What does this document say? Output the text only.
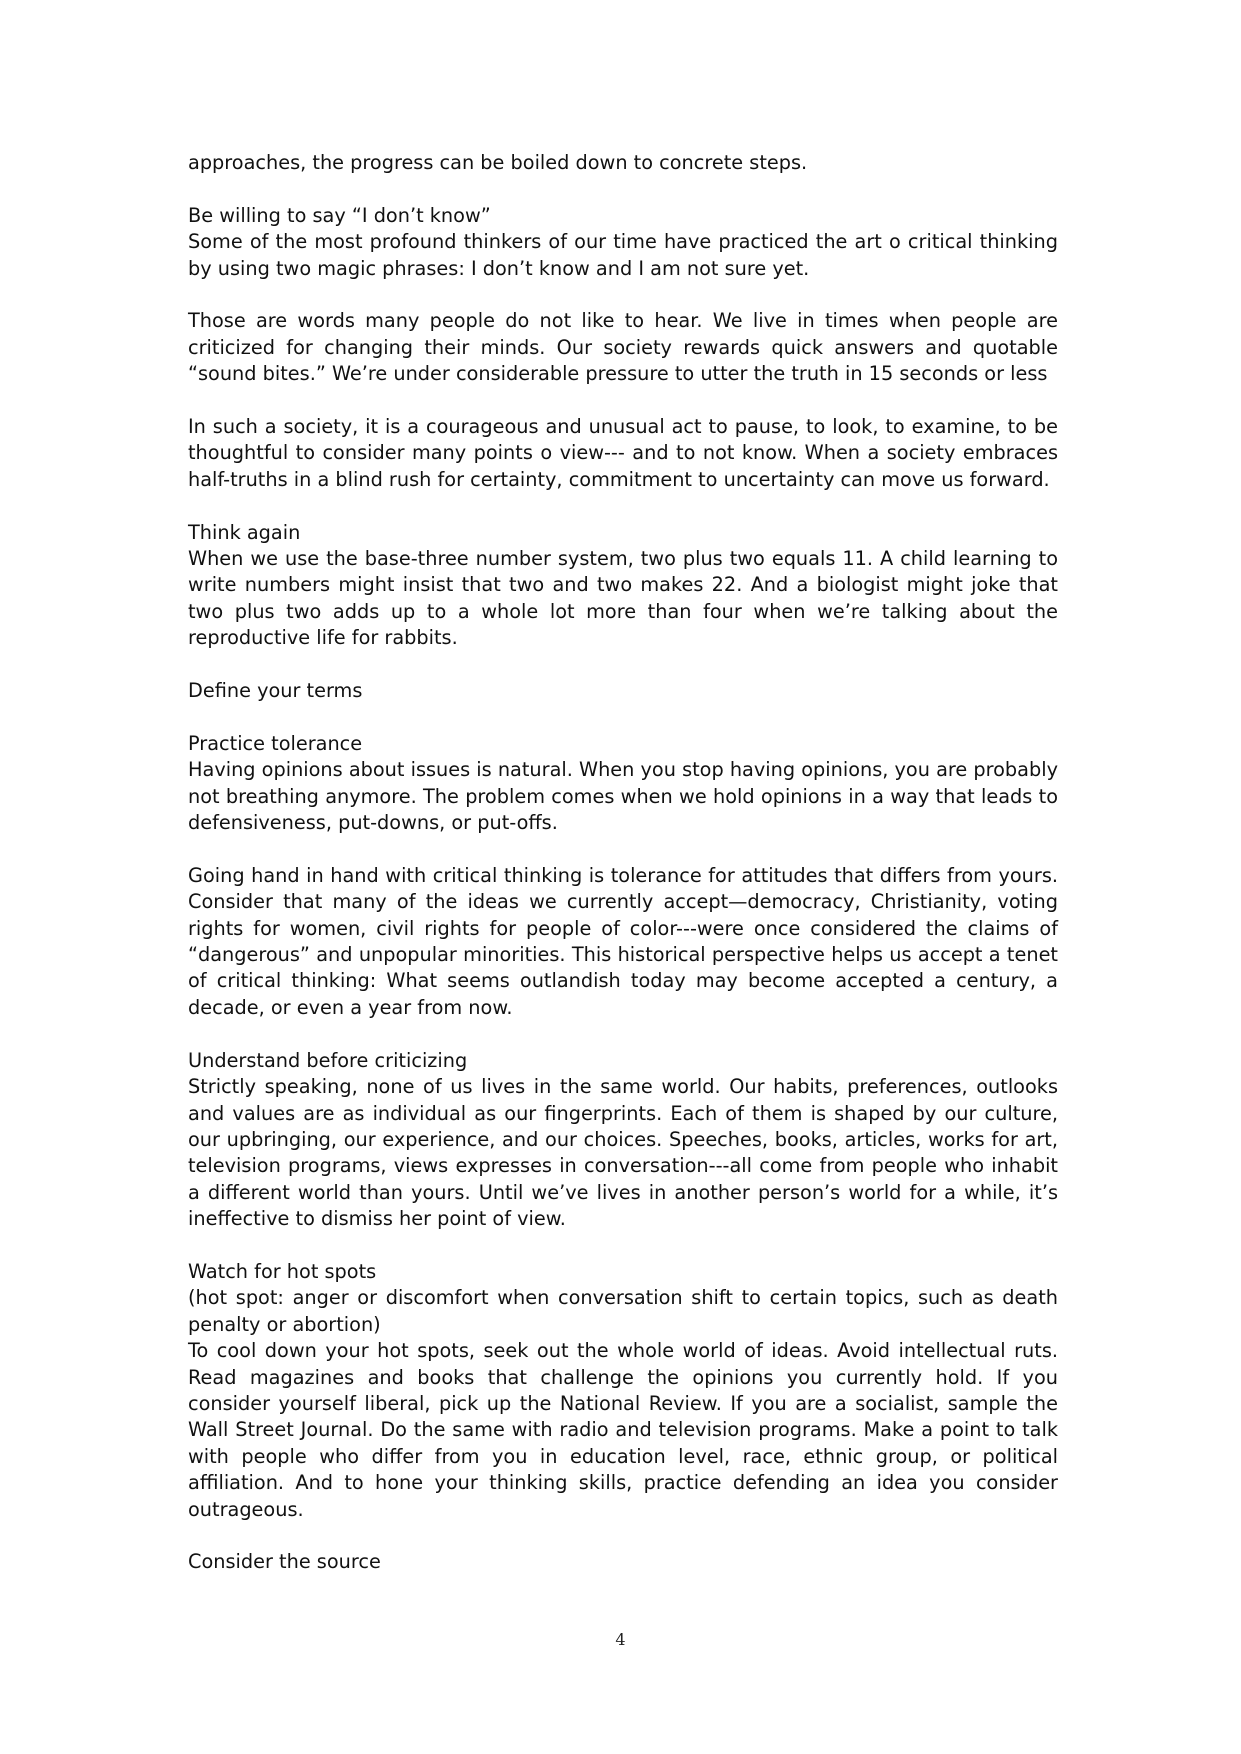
approaches, the progress can be boiled down to concrete steps.

Be willing to say “I don’t know”

Some of the most profound thinkers of our time have practiced the art o critical thinking by using two magic phrases: I don’t know and I am not sure yet.

Those are words many people do not like to hear. We live in times when people are criticized for changing their minds. Our society rewards quick answers and quotable “sound bites.” We’re under considerable pressure to utter the truth in 15 seconds or less

In such a society, it is a courageous and unusual act to pause, to look, to examine, to be thoughtful to consider many points o view--- and to not know. When a society embraces half-truths in a blind rush for certainty, commitment to uncertainty can move us forward.

Think again

When we use the base-three number system, two plus two equals 11. A child learning to write numbers might insist that two and two makes 22. And a biologist might joke that two plus two adds up to a whole lot more than four when we’re talking about the reproductive life for rabbits.

Define your terms

Practice tolerance

Having opinions about issues is natural. When you stop having opinions, you are probably not breathing anymore. The problem comes when we hold opinions in a way that leads to defensiveness, put-downs, or put-offs.

Going hand in hand with critical thinking is tolerance for attitudes that differs from yours. Consider that many of the ideas we currently accept—democracy, Christianity, voting rights for women, civil rights for people of color---were once considered the claims of “dangerous” and unpopular minorities. This historical perspective helps us accept a tenet of critical thinking: What seems outlandish today may become accepted a century, a decade, or even a year from now.

Understand before criticizing

Strictly speaking, none of us lives in the same world. Our habits, preferences, outlooks and values are as individual as our fingerprints. Each of them is shaped by our culture, our upbringing, our experience, and our choices. Speeches, books, articles, works for art, television programs, views expresses in conversation---all come from people who inhabit a different world than yours. Until we’ve lives in another person’s world for a while, it’s ineffective to dismiss her point of view.

Watch for hot spots

(hot spot: anger or discomfort when conversation shift to certain topics, such as death penalty or abortion)

To cool down your hot spots, seek out the whole world of ideas. Avoid intellectual ruts. Read magazines and books that challenge the opinions you currently hold. If you consider yourself liberal, pick up the National Review. If you are a socialist, sample the Wall Street Journal. Do the same with radio and television programs. Make a point to talk with people who differ from you in education level, race, ethnic group, or political affiliation. And to hone your thinking skills, practice defending an idea you consider outrageous.

Consider the source

4
